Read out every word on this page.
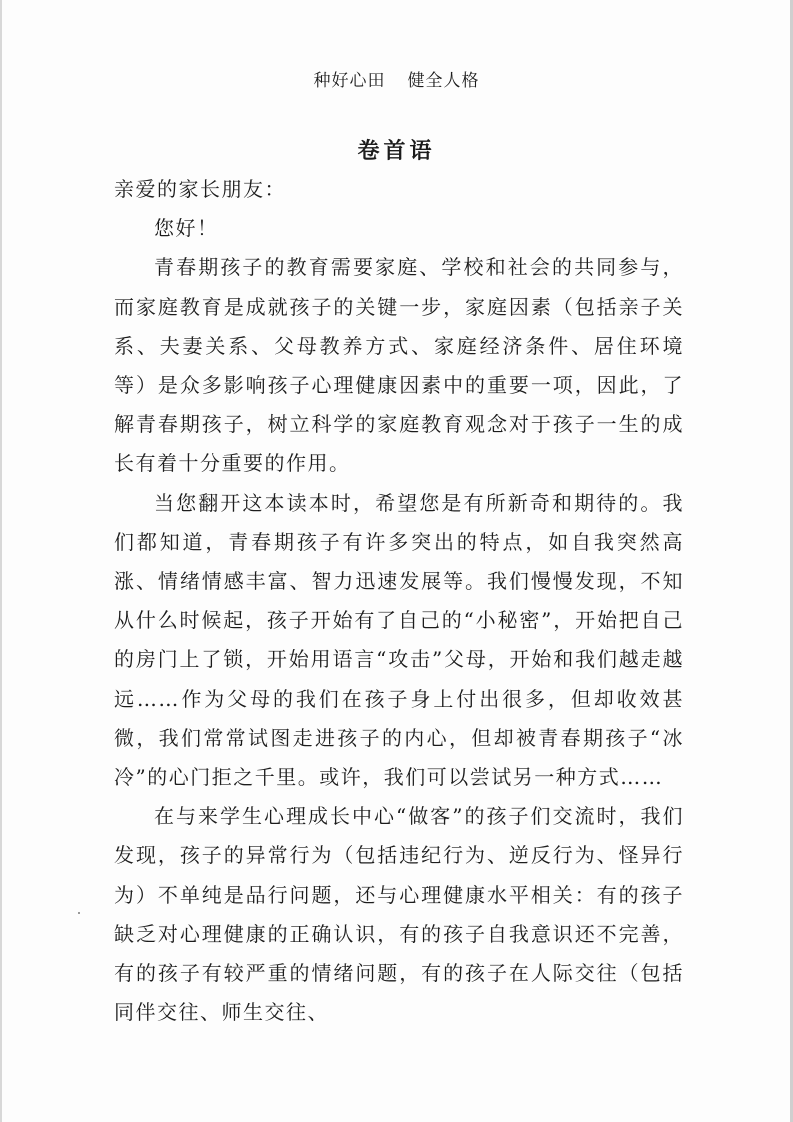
种好心田 健全人格
卷首语

亲爱的家长朋友：

您好！

青春期孩子的教育需要家庭、学校和社会的共同参与，而家庭教育是成就孩子的关键一步，家庭因素（包括亲子关系、夫妻关系、父母教养方式、家庭经济条件、居住环境等）是众多影响孩子心理健康因素中的重要一项，因此，了解青春期孩子，树立科学的家庭教育观念对于孩子一生的成长有着十分重要的作用。

当您翻开这本读本时，希望您是有所新奇和期待的。我们都知道，青春期孩子有许多突出的特点，如自我突然高涨、情绪情感丰富、智力迅速发展等。我们慢慢发现，不知从什么时候起，孩子开始有了自己的“小秘密”，开始把自己的房门上了锁，开始用语言“攻击”父母，开始和我们越走越远……作为父母的我们在孩子身上付出很多，但却收效甚微，我们常常试图走进孩子的内心，但却被青春期孩子“冰冷”的心门拒之千里。或许，我们可以尝试另一种方式……

在与来学生心理成长中心“做客”的孩子们交流时，我们发现，孩子的异常行为（包括违纪行为、逆反行为、怪异行为）不单纯是品行问题，还与心理健康水平相关：有的孩子缺乏对心理健康的正确认识，有的孩子自我意识还不完善，有的孩子有较严重的情绪问题，有的孩子在人际交往（包括同伴交往、师生交往、
